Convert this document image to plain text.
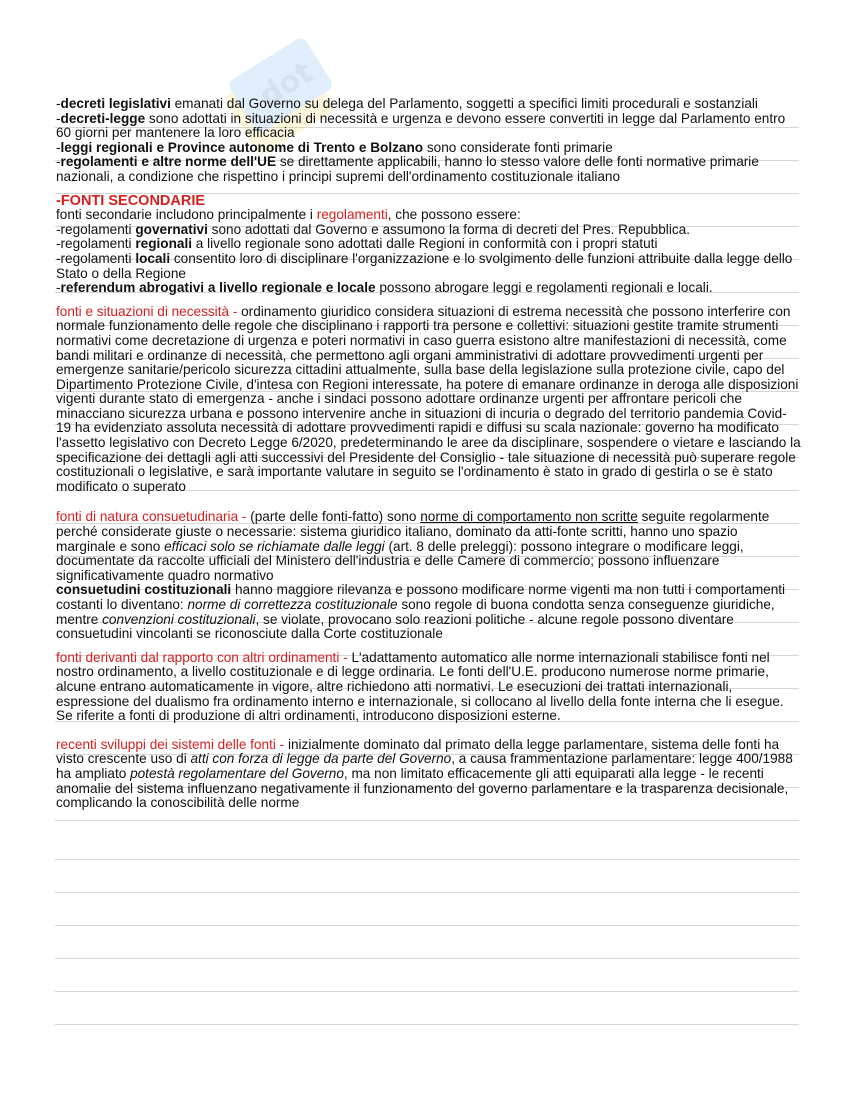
dot

-decreti legislativi emanati dal Governo su delega del Parlamento, soggetti a specifici limiti procedurali e sostanziali

-decreti-legge sono adottati in situazioni di necessità e urgenza e devono essere convertiti in legge dal Parlamento entro 60 giorni per mantenere la loro efficacia

-leggi regionali e Province autonome di Trento e Bolzano sono considerate fonti primarie

-regolamenti e altre norme dell'UE se direttamente applicabili, hanno lo stesso valore delle fonti normative primarie nazionali, a condizione che rispettino i principi supremi dell'ordinamento costituzionale italiano

-FONTI SECONDARIE

fonti secondarie includono principalmente i regolamenti, che possono essere:

-regolamenti governativi sono adottati dal Governo e assumono la forma di decreti del Pres. Repubblica.

-regolamenti regionali a livello regionale sono adottati dalle Regioni in conformità con i propri statuti

-regolamenti locali consentito loro di disciplinare l'organizzazione e lo svolgimento delle funzioni attribuite dalla legge dello Stato o della Regione

-referendum abrogativi a livello regionale e locale possono abrogare leggi e regolamenti regionali e locali.

fonti e situazioni di necessità - ordinamento giuridico considera situazioni di estrema necessità che possono interferire con normale funzionamento delle regole che disciplinano i rapporti tra persone e collettivi: situazioni gestite tramite strumenti normativi come decretazione di urgenza e poteri normativi in caso guerra esistono altre manifestazioni di necessità, come bandi militari e ordinanze di necessità, che permettono agli organi amministrativi di adottare provvedimenti urgenti per emergenze sanitarie/pericolo sicurezza cittadini attualmente, sulla base della legislazione sulla protezione civile, capo del Dipartimento Protezione Civile, d'intesa con Regioni interessate, ha potere di emanare ordinanze in deroga alle disposizioni vigenti durante stato di emergenza - anche i sindaci possono adottare ordinanze urgenti per affrontare pericoli che minacciano sicurezza urbana e possono intervenire anche in situazioni di incuria o degrado del territorio pandemia Covid-19 ha evidenziato assoluta necessità di adottare provvedimenti rapidi e diffusi su scala nazionale: governo ha modificato l'assetto legislativo con Decreto Legge 6/2020, predeterminando le aree da disciplinare, sospendere o vietare e lasciando la specificazione dei dettagli agli atti successivi del Presidente del Consiglio - tale situazione di necessità può superare regole costituzionali o legislative, e sarà importante valutare in seguito se l'ordinamento è stato in grado di gestirla o se è stato modificato o superato

fonti di natura consuetudinaria - (parte delle fonti-fatto) sono norme di comportamento non scritte seguite regolarmente perché considerate giuste o necessarie: sistema giuridico italiano, dominato da atti-fonte scritti, hanno uno spazio marginale e sono efficaci solo se richiamate dalle leggi (art. 8 delle preleggi): possono integrare o modificare leggi, documentate da raccolte ufficiali del Ministero dell'industria e delle Camere di commercio; possono influenzare significativamente quadro normativo

consuetudini costituzionali hanno maggiore rilevanza e possono modificare norme vigenti ma non tutti i comportamenti costanti lo diventano: norme di correttezza costituzionale sono regole di buona condotta senza conseguenze giuridiche, mentre convenzioni costituzionali, se violate, provocano solo reazioni politiche - alcune regole possono diventare consuetudini vincolanti se riconosciute dalla Corte costituzionale

fonti derivanti dal rapporto con altri ordinamenti - L'adattamento automatico alle norme internazionali stabilisce fonti nel nostro ordinamento, a livello costituzionale e di legge ordinaria. Le fonti dell'U.E. producono numerose norme primarie, alcune entrano automaticamente in vigore, altre richiedono atti normativi. Le esecuzioni dei trattati internazionali, espressione del dualismo fra ordinamento interno e internazionale, si collocano al livello della fonte interna che li esegue. Se riferite a fonti di produzione di altri ordinamenti, introducono disposizioni esterne.

recenti sviluppi dei sistemi delle fonti - inizialmente dominato dal primato della legge parlamentare, sistema delle fonti ha visto crescente uso di atti con forza di legge da parte del Governo, a causa frammentazione parlamentare: legge 400/1988 ha ampliato potestà regolamentare del Governo, ma non limitato efficacemente gli atti equiparati alla legge - le recenti anomalie del sistema influenzano negativamente il funzionamento del governo parlamentare e la trasparenza decisionale, complicando la conoscibilità delle norme
